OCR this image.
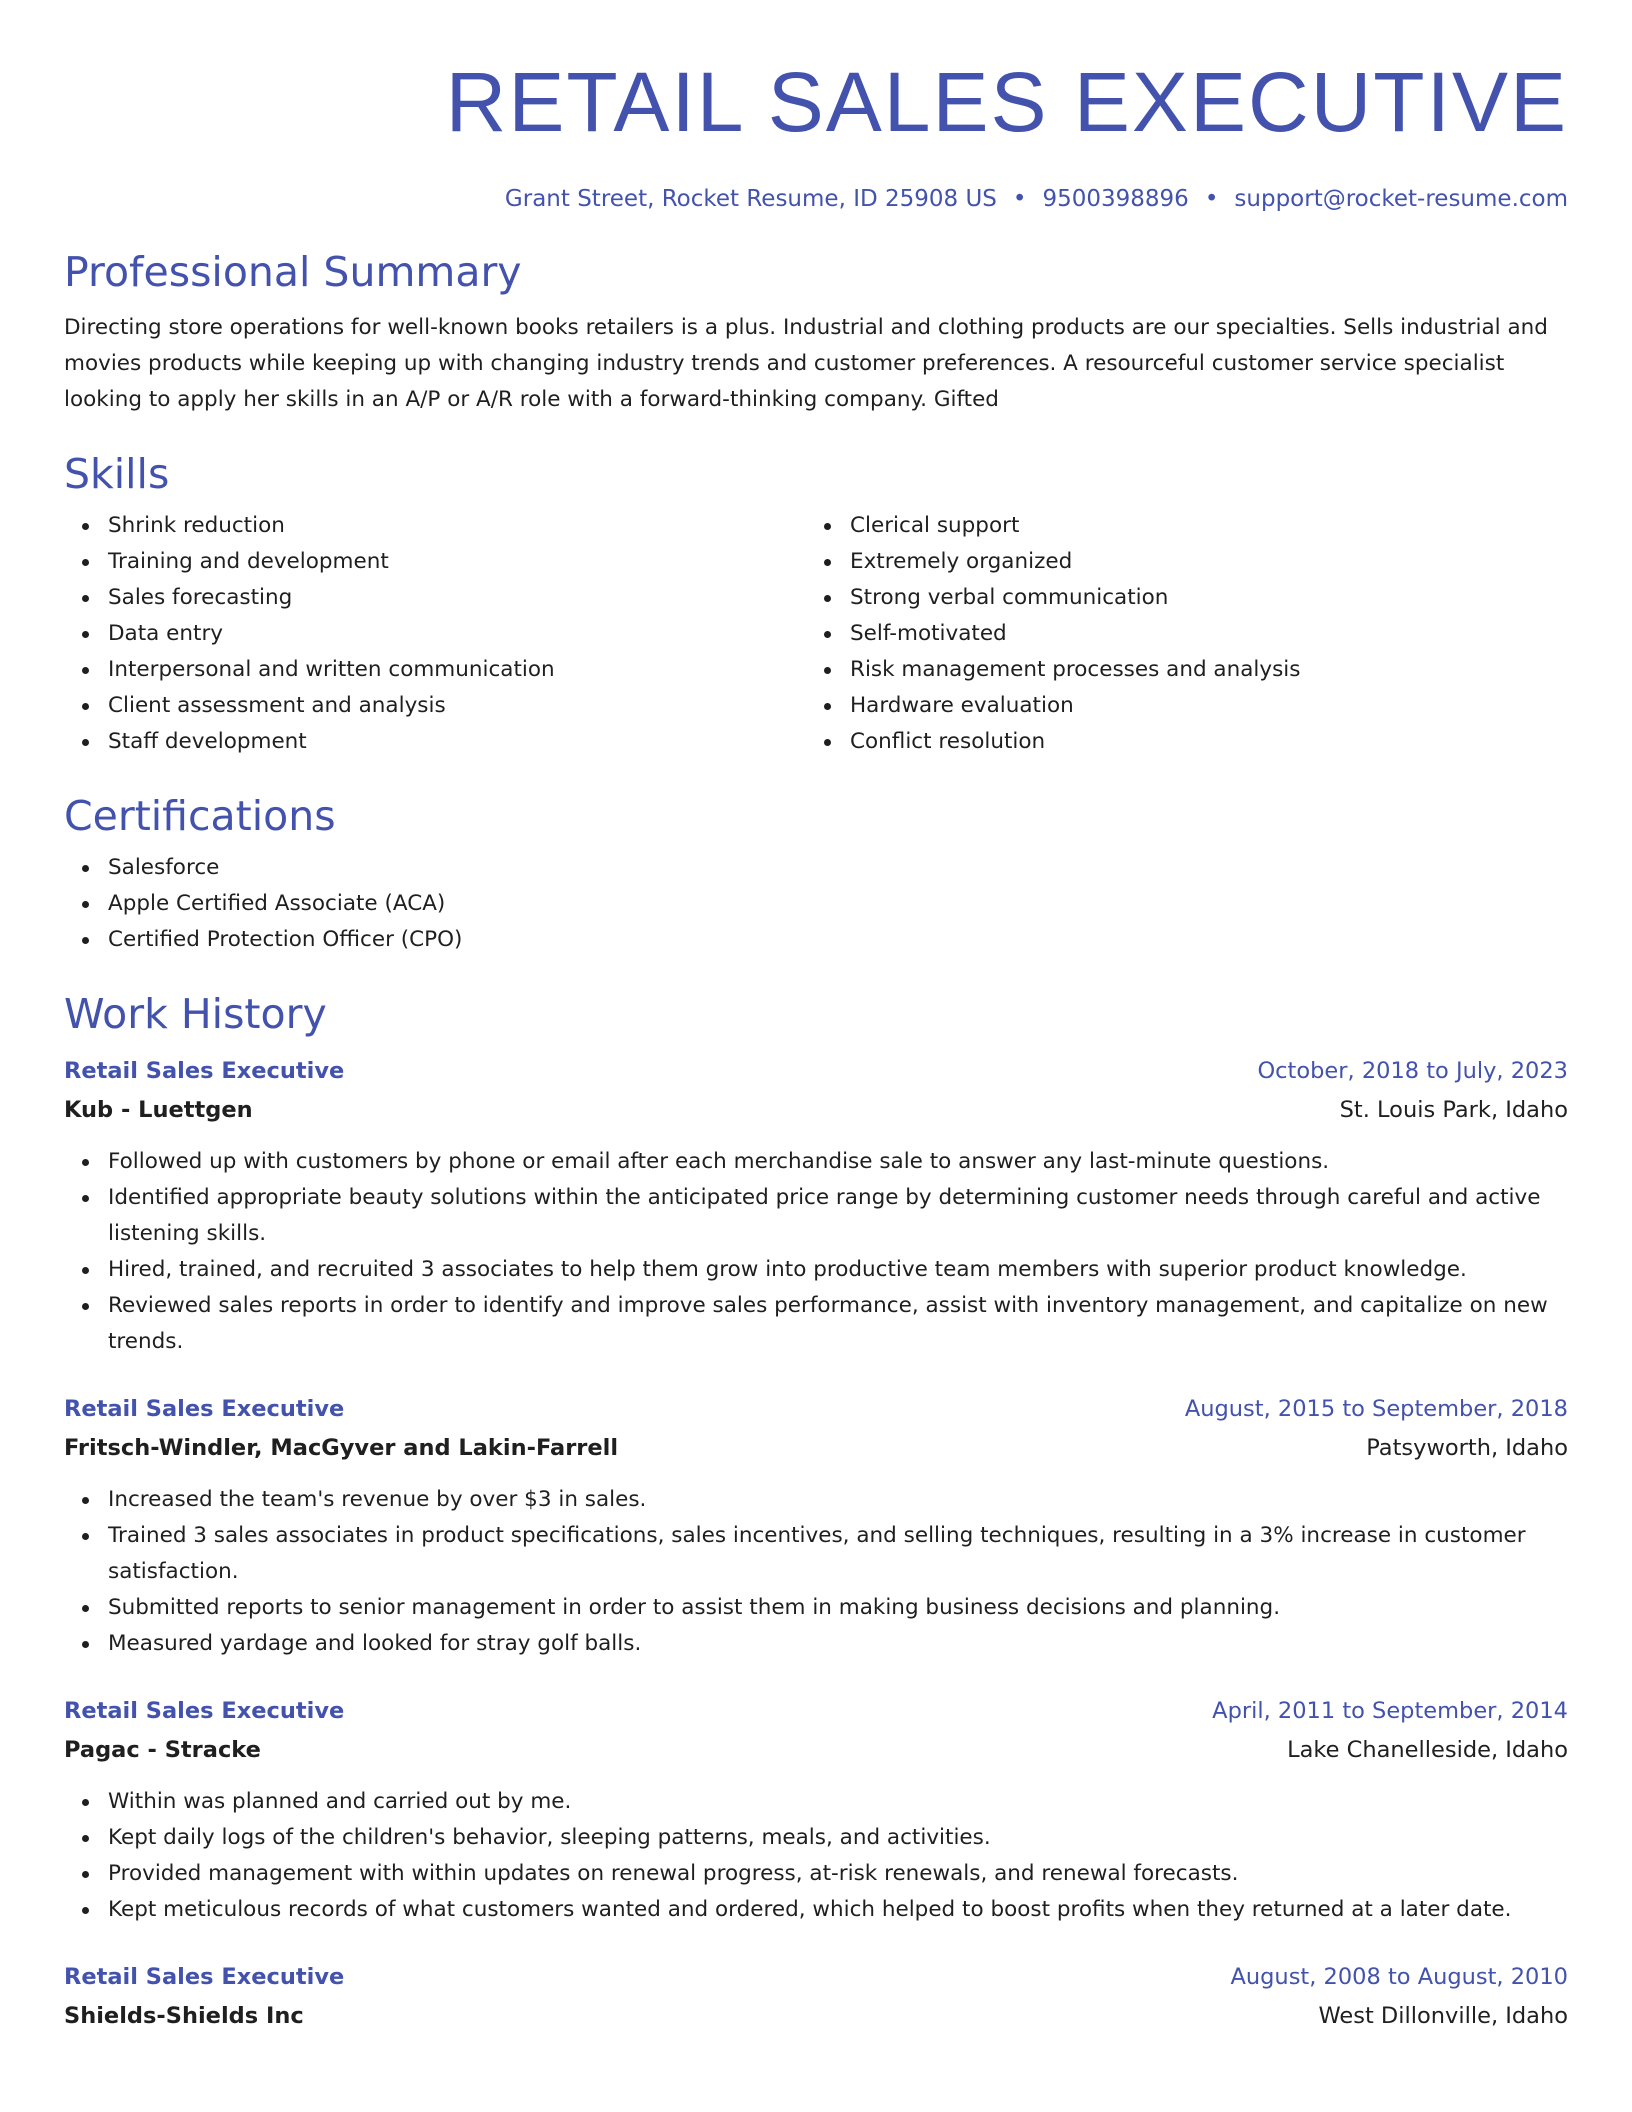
RETAIL SALES EXECUTIVE
Grant Street, Rocket Resume, ID 25908 US • 9500398896 • support@rocket-resume.com
Professional Summary

Directing store operations for well-known books retailers is a plus. Industrial and clothing products are our specialties. Sells industrial and movies products while keeping up with changing industry trends and customer preferences. A resourceful customer service specialist looking to apply her skills in an A/P or A/R role with a forward-thinking company. Gifted

Skills
Shrink reduction
Training and development
Sales forecasting
Data entry
Interpersonal and written communication
Client assessment and analysis
Staff development
Clerical support
Extremely organized
Strong verbal communication
Self-motivated
Risk management processes and analysis
Hardware evaluation
Conflict resolution
Certifications
Salesforce
Apple Certified Associate (ACA)
Certified Protection Officer (CPO)
Work History
Retail Sales Executive	October, 2018 to July, 2023
Kub - Luettgen	St. Louis Park, Idaho
Followed up with customers by phone or email after each merchandise sale to answer any last-minute questions.
Identified appropriate beauty solutions within the anticipated price range by determining customer needs through careful and active listening skills.
Hired, trained, and recruited 3 associates to help them grow into productive team members with superior product knowledge.
Reviewed sales reports in order to identify and improve sales performance, assist with inventory management, and capitalize on new trends.
Retail Sales Executive	August, 2015 to September, 2018
Fritsch-Windler, MacGyver and Lakin-Farrell	Patsyworth, Idaho
Increased the team's revenue by over $3 in sales.
Trained 3 sales associates in product specifications, sales incentives, and selling techniques, resulting in a 3% increase in customer satisfaction.
Submitted reports to senior management in order to assist them in making business decisions and planning.
Measured yardage and looked for stray golf balls.
Retail Sales Executive	April, 2011 to September, 2014
Pagac - Stracke	Lake Chanelleside, Idaho
Within was planned and carried out by me.
Kept daily logs of the children's behavior, sleeping patterns, meals, and activities.
Provided management with within updates on renewal progress, at-risk renewals, and renewal forecasts.
Kept meticulous records of what customers wanted and ordered, which helped to boost profits when they returned at a later date.
Retail Sales Executive	August, 2008 to August, 2010
Shields-Shields Inc	West Dillonville, Idaho
